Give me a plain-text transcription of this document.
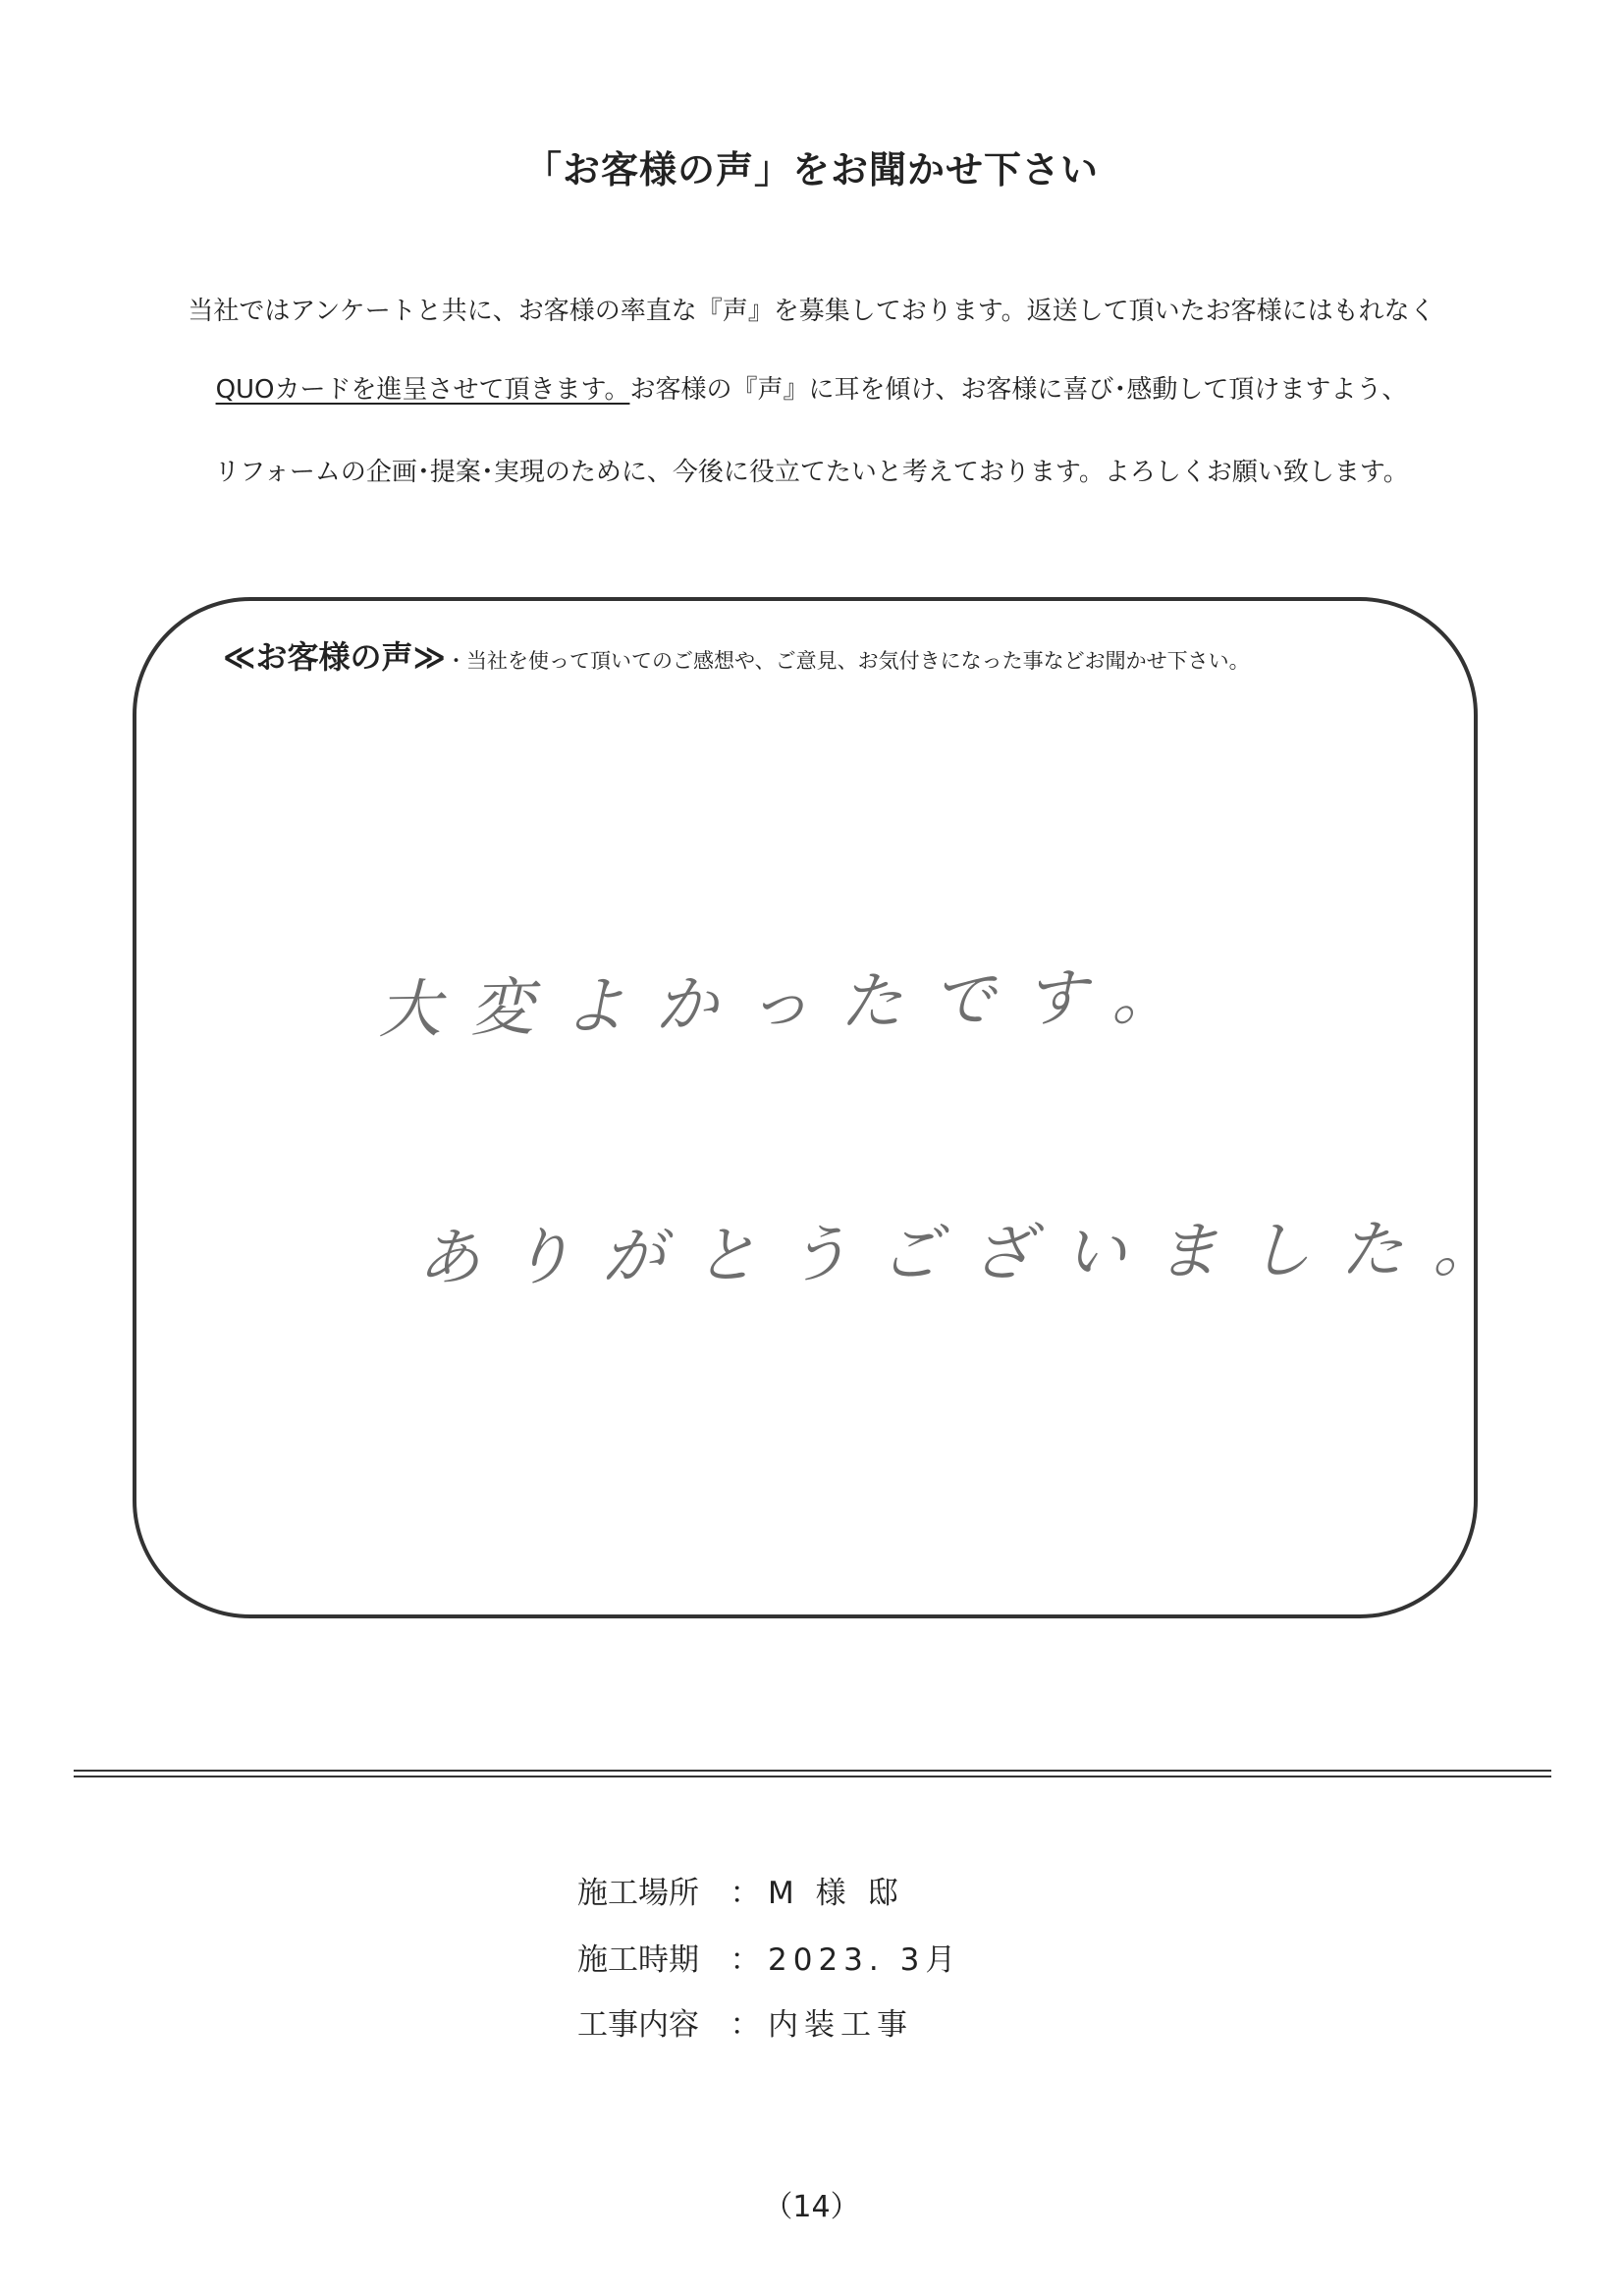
「お客様の声」をお聞かせ下さい
当社ではアンケートと共に、お客様の率直な『声』を募集しております。返送して頂いたお客様にはもれなく
QUOカードを進呈させて頂きます。お客様の『声』に耳を傾け、お客様に喜び･感動して頂けますよう、
リフォームの企画･提案･実現のために、今後に役立てたいと考えております。よろしくお願い致します。
≪お客様の声≫・当社を使って頂いてのご感想や、ご意見、お気付きになった事などお聞かせ下さい。
大変よかったです。
ありがとうございました。
施工場所 ： M 様 邸
施工時期 ： 2023. 3月
工事内容 ： 内装工事
（14）
